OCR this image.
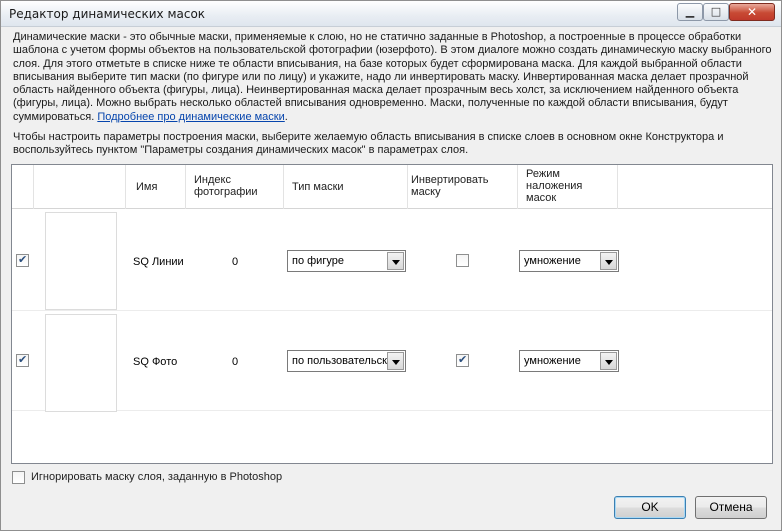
Редактор динамических масок	▁	□	✕
Динамические маски - это обычные маски, применяемые к слою, но не статично заданные в Photoshop, а построенные в процессе обработки шаблона с учетом формы объектов на пользовательской фотографии (юзерфото). В этом диалоге можно создать динамическую маску выбранного слоя. Для этого отметьте в списке ниже те области вписывания, на базе которых будет сформирована маска. Для каждой выбранной области вписывания выберите тип маски (по фигуре или по лицу) и укажите, надо ли инвертировать маску. Инвертированная маска делает прозрачной область найденного объекта (фигуры, лица). Неинвертированная маска делает прозрачным весь холст, за исключением найденного объекта (фигуры, лица). Можно выбрать несколько областей вписывания одновременно. Маски, полученные по каждой области вписывания, будут суммироваться. Подробнее про динамические маски.
Чтобы настроить параметры построения маски, выберите желаемую область вписывания в списке слоев в основном окне Конструктора и воспользуйтесь пунктом "Параметры создания динамических масок" в параметрах слоя.
Имя
Индекс фотографии	Тип маски
Инвертировать маску
Режим наложения масок
✔
SQ Линии	0	по фигуре	умножение
✔
SQ Фото	0	по пользовательск
✔	умножение
Игнорировать маску слоя, заданную в Photoshop
OK	Отмена
